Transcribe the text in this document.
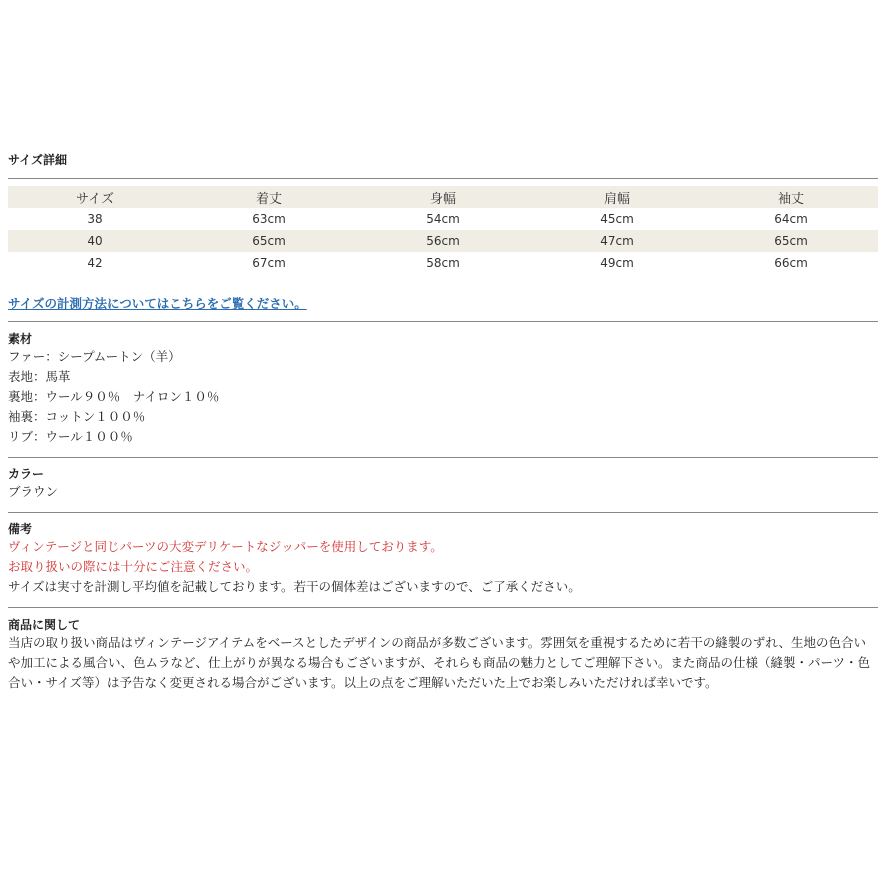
サイズ詳細
サイズ	着丈	身幅	肩幅	袖丈
38	63cm	54cm	45cm	64cm
40	65cm	56cm	47cm	65cm
42	67cm	58cm	49cm	66cm
サイズの計測方法についてはこちらをご覧ください。
素材
ファー：シープムートン（羊）
表地：馬革
裏地：ウール９０％　ナイロン１０％
袖裏：コットン１００％
リブ：ウール１００％
カラー
ブラウン
備考
ヴィンテージと同じパーツの大変デリケートなジッパーを使用しております。
お取り扱いの際には十分にご注意ください。
サイズは実寸を計測し平均値を記載しております。若干の個体差はございますので、ご了承ください。
商品に関して
当店の取り扱い商品はヴィンテージアイテムをベースとしたデザインの商品が多数ございます。雰囲気を重視するために若干の縫製のずれ、生地の色合いや加工による風合い、色ムラなど、仕上がりが異なる場合もございますが、それらも商品の魅力としてご理解下さい。また商品の仕様（縫製・パーツ・色合い・サイズ等）は予告なく変更される場合がございます。以上の点をご理解いただいた上でお楽しみいただければ幸いです。
